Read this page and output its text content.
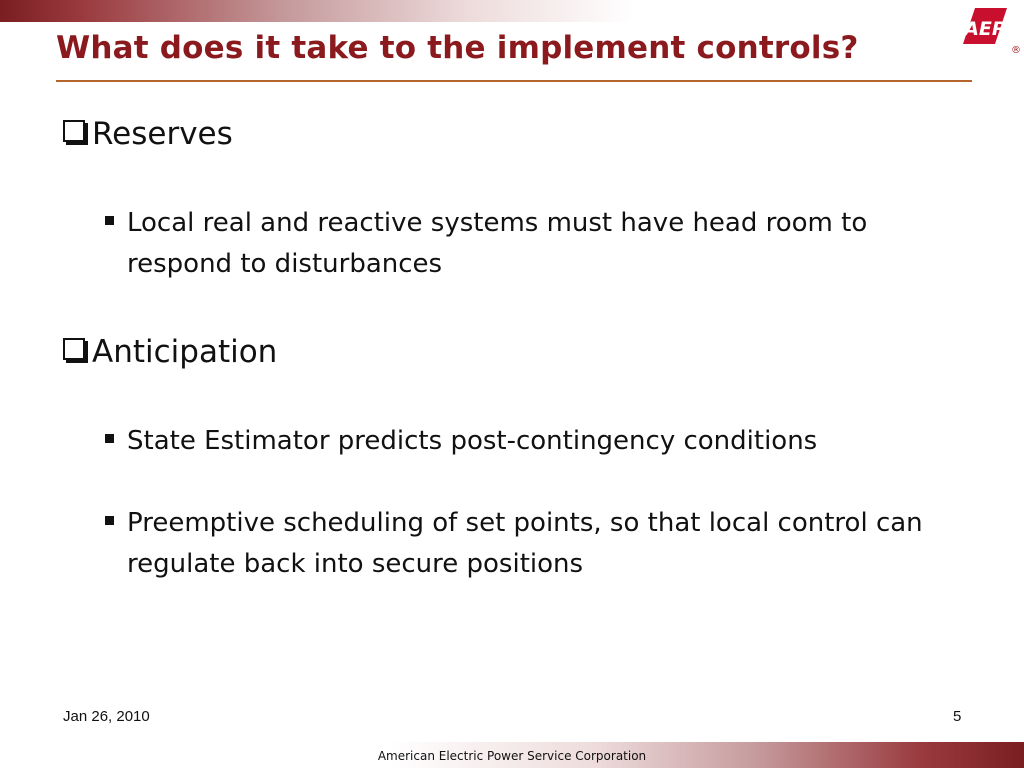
AEP
®
What does it take to the implement controls?
Reserves
Local real and reactive systems must have head room to respond to disturbances
Anticipation
State Estimator predicts post-contingency conditions
Preemptive scheduling of set points, so that local control can regulate back into secure positions
Jan 26, 2010	5
American Electric Power Service Corporation
